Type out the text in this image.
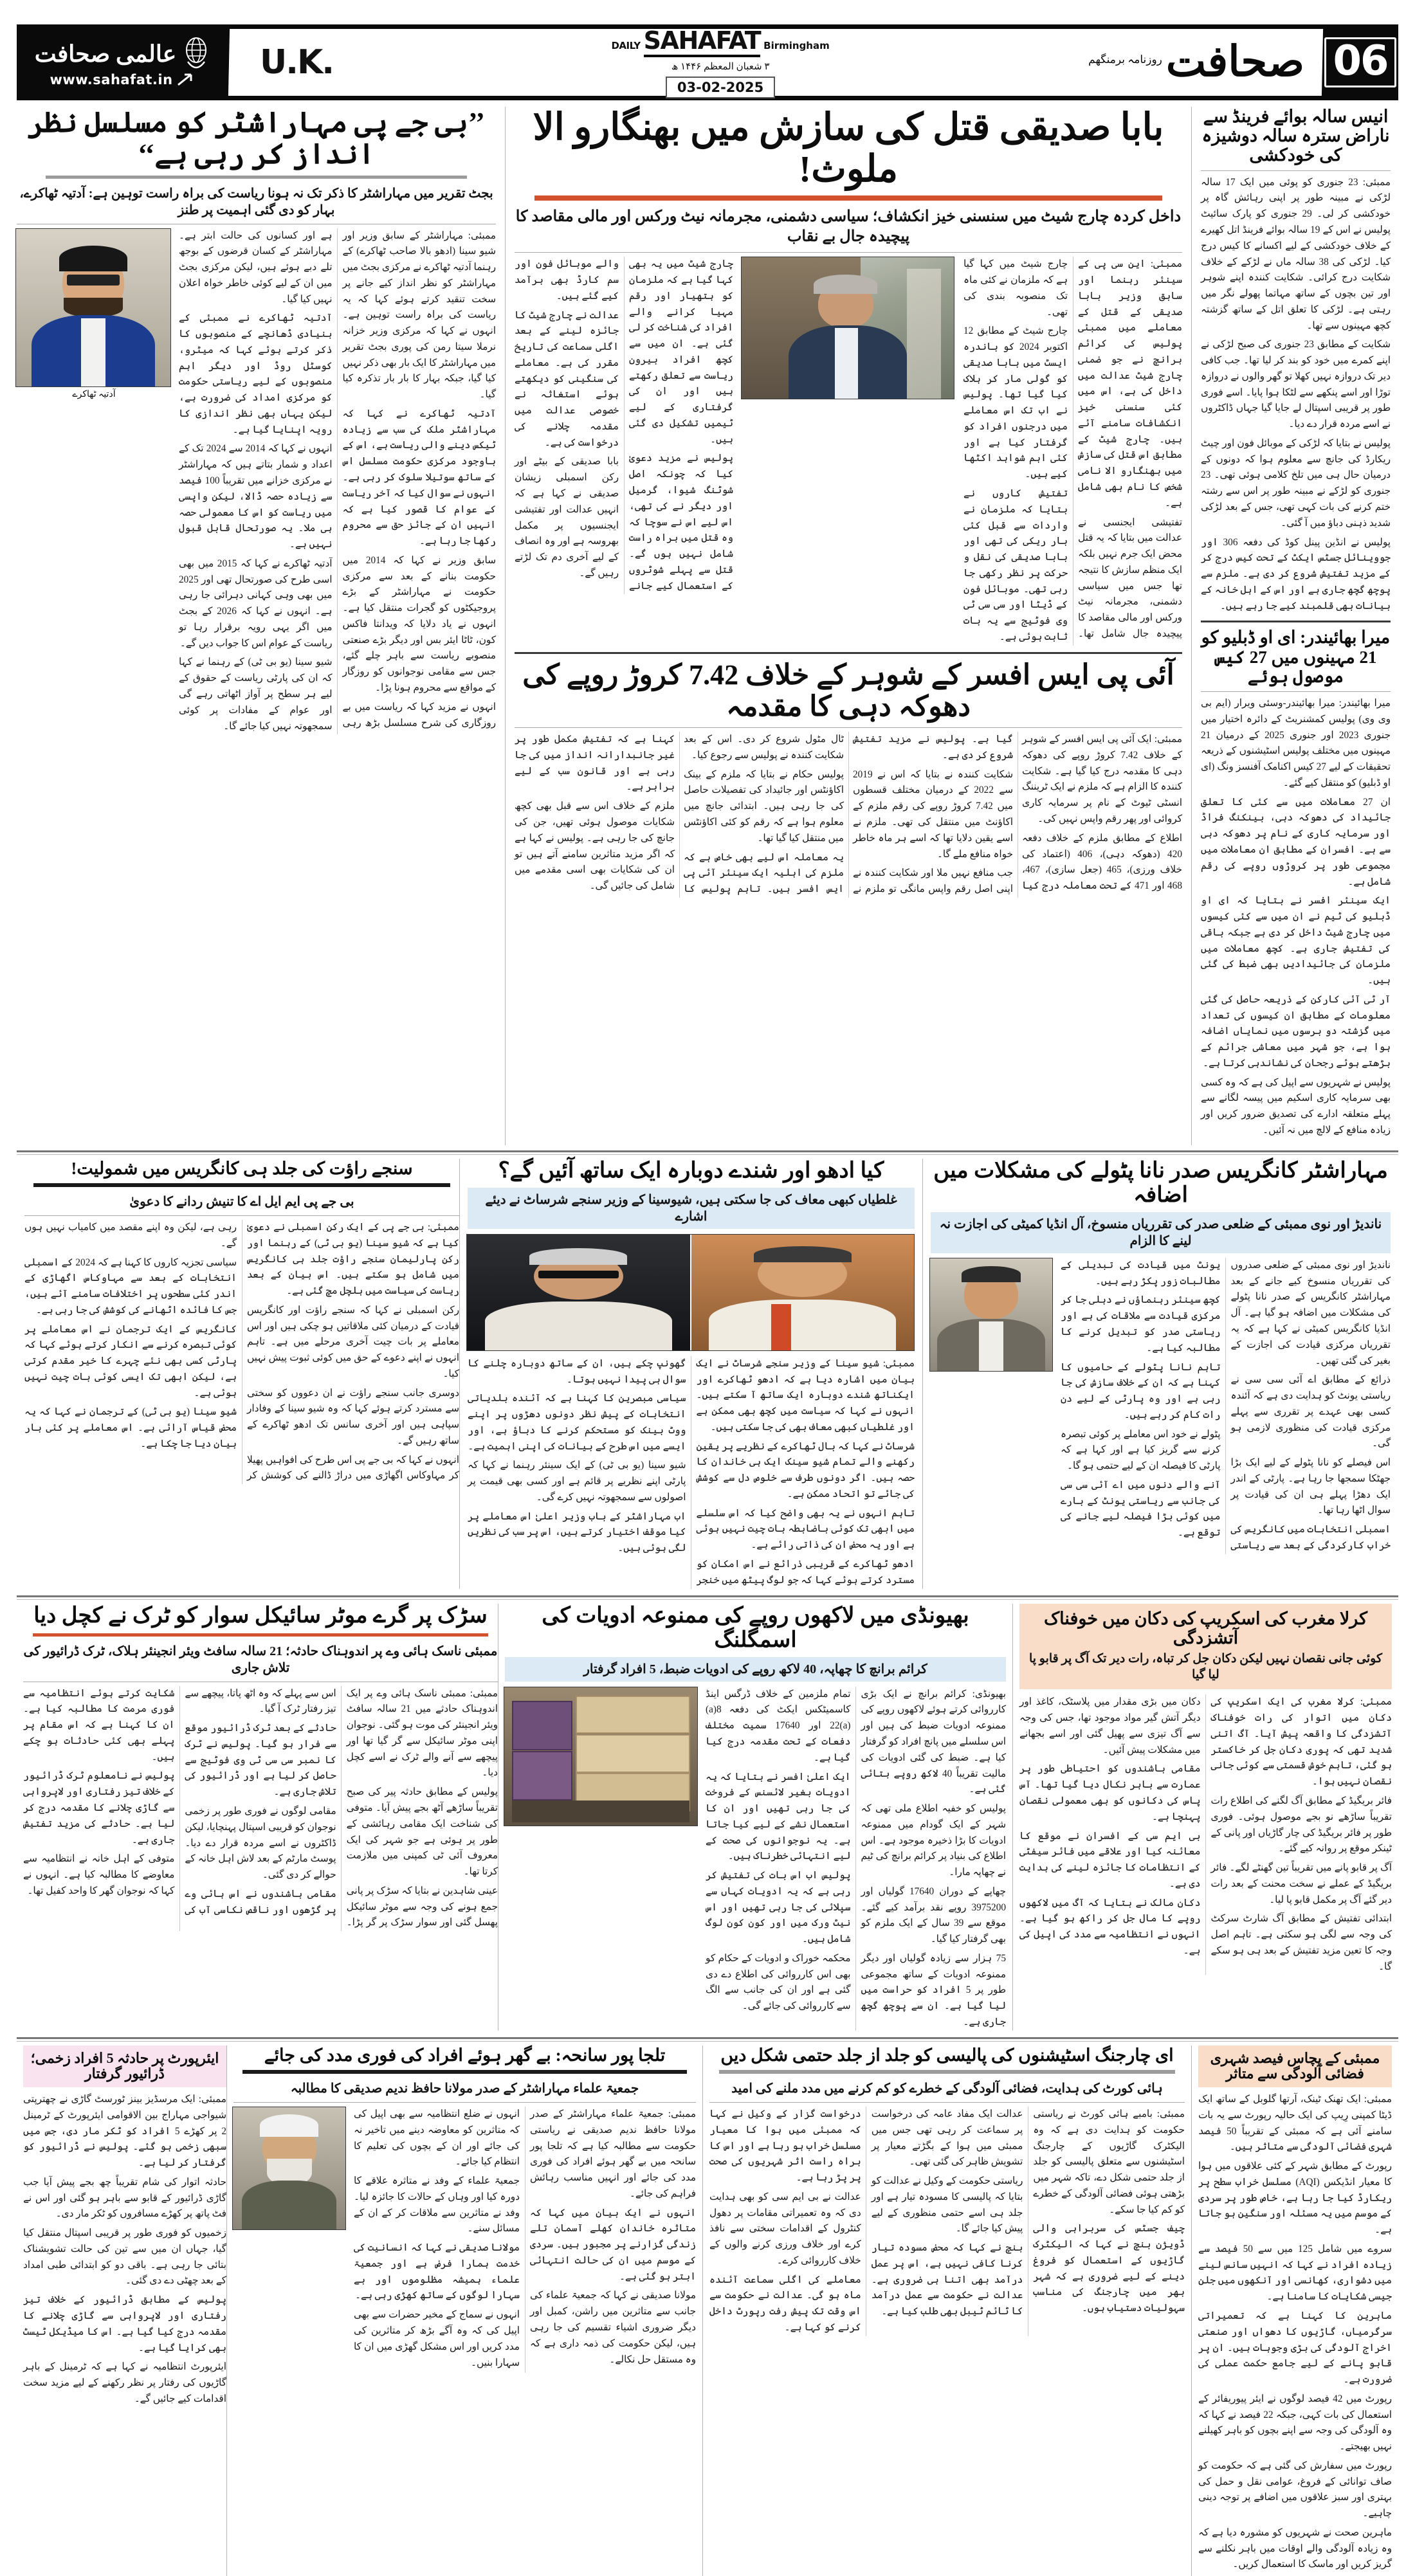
06
صحافت
روزنامہ برمنگھم
DAILY SAHAFAT Birmingham
۳ شعبان المعظم ۱۴۴۶ ھ
03-02-2025
U.K.
عالمی صحافت
www.sahafat.in
انیس سالہ بوائے فرینڈ سے ناراض سترہ سالہ دوشیزہ کی خودکشی

ممبئی: 23 جنوری کو پوئی میں ایک 17 سالہ لڑکی نے مبینہ طور پر اپنی رہائش گاہ پر خودکشی کر لی۔ 29 جنوری کو پارک سائیٹ پولیس نے اس کے 19 سالہ بوائے فرینڈ اتل کھیرے کے خلاف خودکشی کے لیے اکسانے کا کیس درج کیا۔ لڑکی کی 38 سالہ ماں نے لڑکے کے خلاف شکایت درج کرائی۔ شکایت کنندہ اپنے شوہر اور تین بچوں کے ساتھ مہاتما پھولے نگر میں رہتی ہے۔ لڑکی کا تعلق اتل کے ساتھ گزشتہ کچھ مہینوں سے تھا۔

شکایت کے مطابق 23 جنوری کی صبح لڑکی نے اپنے کمرے میں خود کو بند کر لیا تھا۔ جب کافی دیر تک دروازہ نہیں کھلا تو گھر والوں نے دروازہ توڑا اور اسے پنکھے سے لٹکا ہوا پایا۔ اسے فوری طور پر قریبی اسپتال لے جایا گیا جہاں ڈاکٹروں نے اسے مردہ قرار دے دیا۔

پولیس نے بتایا کہ لڑکی کے موبائل فون اور چیٹ ریکارڈ کی جانچ سے معلوم ہوا کہ دونوں کے درمیان حال ہی میں تلخ کلامی ہوئی تھی۔ 23 جنوری کو لڑکے نے مبینہ طور پر اس سے رشتہ ختم کرنے کی بات کہی تھی، جس کے بعد لڑکی شدید ذہنی دباؤ میں آ گئی۔

پولیس نے انڈین پینل کوڈ کی دفعہ 306 اور جووینائل جسٹس ایکٹ کے تحت کیس درج کر کے مزید تفتیش شروع کر دی ہے۔ ملزم سے پوچھ گچھ جاری ہے اور اس کے اہل خانہ کے بیانات بھی قلمبند کیے جا رہے ہیں۔

میرا بھائیندر: ای او ڈبلیو کو 21 مہینوں میں 27 کیس موصول ہوئے

میرا بھائیندر: میرا بھائیندر-وسئی ویرار (ایم بی وی وی) پولیس کمشنریٹ کے دائرہ اختیار میں جنوری 2023 اور جنوری 2025 کے درمیان 21 مہینوں میں مختلف پولیس اسٹیشنوں کے ذریعہ تحقیقات کے لیے 27 کیس اکنامک آفنسز ونگ (ای او ڈبلیو) کو منتقل کیے گئے۔

ان 27 معاملات میں سے کئی کا تعلق جائیداد کی دھوکہ دہی، بینکنگ فراڈ اور سرمایہ کاری کے نام پر دھوکہ دہی سے ہے۔ افسران کے مطابق ان معاملات میں مجموعی طور پر کروڑوں روپے کی رقم شامل ہے۔

ایک سینئر افسر نے بتایا کہ ای او ڈبلیو کی ٹیم نے ان میں سے کئی کیسوں میں چارج شیٹ داخل کر دی ہے جبکہ باقی کی تفتیش جاری ہے۔ کچھ معاملات میں ملزمان کی جائیدادیں بھی ضبط کی گئی ہیں۔

آر ٹی آئی کارکن کے ذریعہ حاصل کی گئی معلومات کے مطابق ان کیسوں کی تعداد میں گزشتہ دو برسوں میں نمایاں اضافہ ہوا ہے، جو شہر میں معاشی جرائم کے بڑھتے ہوئے رجحان کی نشاندہی کرتا ہے۔

پولیس نے شہریوں سے اپیل کی ہے کہ وہ کسی بھی سرمایہ کاری اسکیم میں پیسہ لگانے سے پہلے متعلقہ ادارے کی تصدیق ضرور کریں اور زیادہ منافع کے لالچ میں نہ آئیں۔

بابا صدیقی قتل کی سازش میں بھنگارو الا ملوث!
داخل کردہ چارج شیٹ میں سنسنی خیز انکشاف؛ سیاسی دشمنی، مجرمانہ نیٹ ورکس اور مالی مقاصد کا پیچیدہ جال بے نقاب

ممبئی: این سی پی کے سینئر رہنما اور سابق وزیر بابا صدیقی کے قتل کے معاملے میں ممبئی پولیس کی کرائم برانچ نے جو ضمنی چارج شیٹ عدالت میں داخل کی ہے، اس میں کئی سنسنی خیز انکشافات سامنے آئے ہیں۔ چارج شیٹ کے مطابق اس قتل کی سازش میں بھنگارو الا نامی شخص کا نام بھی شامل ہے۔

تفتیشی ایجنسی نے عدالت میں بتایا کہ یہ قتل محض ایک جرم نہیں بلکہ ایک منظم سازش کا نتیجہ تھا جس میں سیاسی دشمنی، مجرمانہ نیٹ ورکس اور مالی مقاصد کا پیچیدہ جال شامل تھا۔ چارج شیٹ میں کہا گیا ہے کہ ملزمان نے کئی ماہ تک منصوبہ بندی کی تھی۔

چارج شیٹ کے مطابق 12 اکتوبر 2024 کو باندرہ ایسٹ میں بابا صدیقی کو گولی مار کر ہلاک کیا گیا تھا۔ پولیس نے اب تک اس معاملے میں درجنوں افراد کو گرفتار کیا ہے اور کئی اہم شواہد اکٹھا کیے ہیں۔

تفتیش کاروں نے بتایا کہ ملزمان نے واردات سے قبل کئی بار ریکی کی تھی اور بابا صدیقی کی نقل و حرکت پر نظر رکھی جا رہی تھی۔ موبائل فون کے ڈیٹا اور سی سی ٹی وی فوٹیج سے یہ بات ثابت ہوئی ہے۔

چارج شیٹ میں یہ بھی کہا گیا ہے کہ ملزمان کو ہتھیار اور رقم مہیا کرانے والے افراد کی شناخت کر لی گئی ہے۔ ان میں سے کچھ افراد بیرون ریاست سے تعلق رکھتے ہیں اور ان کی گرفتاری کے لیے ٹیمیں تشکیل دی گئی ہیں۔

پولیس نے مزید دعویٰ کیا کہ چونکہ اصل شوٹنگ شیوا، گرمیل اور دیگر نے کی تھی، اس لیے اس نے سوچا کہ وہ قتل میں براہ راست شامل نہیں ہوں گے۔ قتل سے پہلے شوٹروں کے استعمال کیے جانے والے موبائل فون اور سم کارڈ بھی برآمد کیے گئے ہیں۔

عدالت نے چارج شیٹ کا جائزہ لینے کے بعد اگلی سماعت کی تاریخ مقرر کی ہے۔ معاملے کی سنگینی کو دیکھتے ہوئے استغاثہ نے خصوصی عدالت میں مقدمہ چلانے کی درخواست کی ہے۔

بابا صدیقی کے بیٹے اور رکن اسمبلی زیشان صدیقی نے کہا ہے کہ انہیں عدالت اور تفتیشی ایجنسیوں پر مکمل بھروسہ ہے اور وہ انصاف کے لیے آخری دم تک لڑتے رہیں گے۔

آئی پی ایس افسر کے شوہر کے خلاف 7.42 کروڑ روپے کی دھوکہ دہی کا مقدمہ

ممبئی: ایک آئی پی ایس افسر کے شوہر کے خلاف 7.42 کروڑ روپے کی دھوکہ دہی کا مقدمہ درج کیا گیا ہے۔ شکایت کنندہ کا الزام ہے کہ ملزم نے ایک ٹریننگ انسٹی ٹیوٹ کے نام پر سرمایہ کاری کروائی اور پھر رقم واپس نہیں کی۔

اطلاع کے مطابق ملزم کے خلاف دفعہ 420 (دھوکہ دہی)، 406 (اعتماد کی خلاف ورزی)، 465 (جعل سازی)، 467، 468 اور 471 کے تحت معاملہ درج کیا گیا ہے۔ پولیس نے مزید تفتیش شروع کر دی ہے۔

شکایت کنندہ نے بتایا کہ اس نے 2019 سے 2022 کے درمیان مختلف قسطوں میں 7.42 کروڑ روپے کی رقم ملزم کے اکاؤنٹ میں منتقل کی تھی۔ ملزم نے اسے یقین دلایا تھا کہ اسے ہر ماہ خاطر خواہ منافع ملے گا۔

جب منافع نہیں ملا اور شکایت کنندہ نے اپنی اصل رقم واپس مانگی تو ملزم نے ٹال مٹول شروع کر دی۔ اس کے بعد شکایت کنندہ نے پولیس سے رجوع کیا۔

پولیس حکام نے بتایا کہ ملزم کے بینک اکاؤنٹس اور جائیداد کی تفصیلات حاصل کی جا رہی ہیں۔ ابتدائی جانچ میں معلوم ہوا ہے کہ رقم کو کئی اکاؤنٹس میں منتقل کیا گیا تھا۔

یہ معاملہ اس لیے بھی خاص ہے کہ ملزم کی اہلیہ ایک سینئر آئی پی ایس افسر ہیں۔ تاہم پولیس کا کہنا ہے کہ تفتیش مکمل طور پر غیر جانبدارانہ انداز میں کی جا رہی ہے اور قانون سب کے لیے برابر ہے۔

ملزم کے خلاف اس سے قبل بھی کچھ شکایات موصول ہوئی تھیں، جن کی جانچ کی جا رہی ہے۔ پولیس نے کہا ہے کہ اگر مزید متاثرین سامنے آتے ہیں تو ان کی شکایات بھی اسی مقدمے میں شامل کی جائیں گی۔

’’بی جے پی مہاراشٹر کو مسلسل نظر انداز کر رہی ہے‘‘
بجٹ تقریر میں مہاراشٹر کا ذکر تک نہ ہونا ریاست کی براہ راست توہین ہے: آدتیہ ٹھاکرے، بہار کو دی گئی اہمیت پر طنز

ممبئی: مہاراشٹر کے سابق وزیر اور شیو سینا (ادھو بالا صاحب ٹھاکرے) کے رہنما آدتیہ ٹھاکرے نے مرکزی بجٹ میں مہاراشٹر کو نظر انداز کیے جانے پر سخت تنقید کرتے ہوئے کہا کہ یہ ریاست کی براہ راست توہین ہے۔ انہوں نے کہا کہ مرکزی وزیر خزانہ نرملا سیتا رمن کی پوری بجٹ تقریر میں مہاراشٹر کا ایک بار بھی ذکر نہیں کیا گیا، جبکہ بہار کا بار بار تذکرہ کیا گیا۔

آدتیہ ٹھاکرے نے کہا کہ مہاراشٹر ملک کی سب سے زیادہ ٹیکس دینے والی ریاست ہے، اس کے باوجود مرکزی حکومت مسلسل اس کے ساتھ سوتیلا سلوک کر رہی ہے۔ انہوں نے سوال کیا کہ آخر ریاست کے عوام کا قصور کیا ہے کہ انہیں ان کے جائز حق سے محروم رکھا جا رہا ہے۔

سابق وزیر نے کہا کہ 2014 میں حکومت بنانے کے بعد سے مرکزی حکومت نے مہاراشٹر کے بڑے پروجیکٹوں کو گجرات منتقل کیا ہے۔ انہوں نے یاد دلایا کہ ویدانتا فاکس کون، ٹاٹا ایئر بس اور دیگر بڑے صنعتی منصوبے ریاست سے باہر چلے گئے، جس سے مقامی نوجوانوں کو روزگار کے مواقع سے محروم ہونا پڑا۔

انہوں نے مزید کہا کہ ریاست میں بے روزگاری کی شرح مسلسل بڑھ رہی ہے اور کسانوں کی حالت ابتر ہے۔ مہاراشٹر کے کسان قرضوں کے بوجھ تلے دبے ہوئے ہیں، لیکن مرکزی بجٹ میں ان کے لیے کوئی خاطر خواہ اعلان نہیں کیا گیا۔

آدتیہ ٹھاکرے نے ممبئی کے بنیادی ڈھانچے کے منصوبوں کا ذکر کرتے ہوئے کہا کہ میٹرو، کوسٹل روڈ اور دیگر اہم منصوبوں کے لیے ریاستی حکومت کو مرکزی امداد کی ضرورت ہے، لیکن یہاں بھی نظر اندازی کا رویہ اپنایا گیا ہے۔

انہوں نے کہا کہ 2014 سے 2024 تک کے اعداد و شمار بتاتے ہیں کہ مہاراشٹر نے مرکزی خزانے میں تقریباً 100 فیصد سے زیادہ حصہ ڈالا، لیکن واپسی میں ریاست کو اس کا معمولی حصہ ہی ملا۔ یہ صورتحال قابل قبول نہیں ہے۔

آدتیہ ٹھاکرے نے کہا کہ 2015 میں بھی اسی طرح کی صورتحال تھی اور 2025 میں بھی وہی کہانی دہرائی جا رہی ہے۔ انہوں نے کہا کہ 2026 کے بجٹ میں اگر یہی رویہ برقرار رہا تو ریاست کے عوام اس کا جواب دیں گے۔

شیو سینا (یو بی ٹی) کے رہنما نے کہا کہ ان کی پارٹی ریاست کے حقوق کے لیے ہر سطح پر آواز اٹھاتی رہے گی اور عوام کے مفادات پر کوئی سمجھوتہ نہیں کیا جائے گا۔

آدتیہ ٹھاکرے
مہاراشٹر کانگریس صدر نانا پٹولے کی مشکلات میں اضافہ
ناندیڑ اور نوی ممبئی کے ضلعی صدر کی تقرریاں منسوخ، آل انڈیا کمیٹی کی اجازت نہ لینے کا الزام

ناندیڑ اور نوی ممبئی کے ضلعی صدروں کی تقرریاں منسوخ کیے جانے کے بعد مہاراشٹر کانگریس کے صدر نانا پٹولے کی مشکلات میں اضافہ ہو گیا ہے۔ آل انڈیا کانگریس کمیٹی نے کہا ہے کہ یہ تقرریاں مرکزی قیادت کی اجازت کے بغیر کی گئی تھیں۔

ذرائع کے مطابق اے آئی سی سی نے ریاستی یونٹ کو ہدایت دی ہے کہ آئندہ کسی بھی عہدے پر تقرری سے پہلے مرکزی قیادت کی منظوری لازمی ہو گی۔

اس فیصلے کو نانا پٹولے کے لیے ایک بڑا جھٹکا سمجھا جا رہا ہے۔ پارٹی کے اندر ایک دھڑا پہلے ہی ان کی قیادت پر سوال اٹھا رہا تھا۔

اسمبلی انتخابات میں کانگریس کی خراب کارکردگی کے بعد سے ریاستی یونٹ میں قیادت کی تبدیلی کے مطالبات زور پکڑ رہے ہیں۔

کچھ سینئر رہنماؤں نے دہلی جا کر مرکزی قیادت سے ملاقات کی ہے اور ریاستی صدر کو تبدیل کرنے کا مطالبہ کیا ہے۔

تاہم نانا پٹولے کے حامیوں کا کہنا ہے کہ ان کے خلاف سازش کی جا رہی ہے اور وہ پارٹی کے لیے دن رات کام کر رہے ہیں۔

پٹولے نے خود اس معاملے پر کوئی تبصرہ کرنے سے گریز کیا ہے اور کہا ہے کہ پارٹی کا فیصلہ ان کے لیے حتمی ہو گا۔

آنے والے دنوں میں اے آئی سی سی کی جانب سے ریاستی یونٹ کے بارے میں کوئی بڑا فیصلہ لیے جانے کی توقع ہے۔

کیا ادھو اور شندے دوبارہ ایک ساتھ آئیں گے؟
غلطیاں کبھی معاف کی جا سکتی ہیں، شیوسینا کے وزیر سنجے شرساٹ نے دیئے اشارے

ممبئی: شیو سینا کے وزیر سنجے شرساٹ نے ایک بیان میں اشارہ دیا ہے کہ ادھو ٹھاکرے اور ایکناتھ شندے دوبارہ ایک ساتھ آ سکتے ہیں۔ انہوں نے کہا کہ سیاست میں کچھ بھی ممکن ہے اور غلطیاں کبھی معاف بھی کی جا سکتی ہیں۔

شرساٹ نے کہا کہ بال ٹھاکرے کے نظریے پر یقین رکھنے والے تمام شیو سینک ایک ہی خاندان کا حصہ ہیں۔ اگر دونوں طرف سے خلوص دل سے کوشش کی جائے تو اتحاد ممکن ہے۔

تاہم انہوں نے یہ بھی واضح کیا کہ اس سلسلے میں ابھی تک کوئی باضابطہ بات چیت نہیں ہوئی ہے اور یہ محض ان کی ذاتی رائے ہے۔

ادھو ٹھاکرے کے قریبی ذرائع نے اس امکان کو مسترد کرتے ہوئے کہا کہ جو لوگ پیٹھ میں خنجر گھونپ چکے ہیں، ان کے ساتھ دوبارہ چلنے کا سوال ہی پیدا نہیں ہوتا۔

سیاسی مبصرین کا کہنا ہے کہ آئندہ بلدیاتی انتخابات کے پیش نظر دونوں دھڑوں پر اپنے ووٹ بینک کو مستحکم کرنے کا دباؤ ہے، اور ایسے میں اس طرح کے بیانات کی اپنی اہمیت ہے۔

شیو سینا (یو بی ٹی) کے ایک سینئر رہنما نے کہا کہ پارٹی اپنے نظریے پر قائم ہے اور کسی بھی قیمت پر اصولوں سے سمجھوتہ نہیں کرے گی۔

اب مہاراشٹر کے باب وزیر اعلیٰ اس معاملے پر کیا موقف اختیار کرتے ہیں، اس پر سب کی نظریں لگی ہوئی ہیں۔

سنجے راؤت کی جلد ہی کانگریس میں شمولیت!
بی جے پی ایم ایل اے کا تنیش ردانے کا دعویٰ

ممبئی: بی جے پی کے ایک رکن اسمبلی نے دعویٰ کیا ہے کہ شیو سینا (یو بی ٹی) کے رہنما اور رکن پارلیمان سنجے راؤت جلد ہی کانگریس میں شامل ہو سکتے ہیں۔ اس بیان کے بعد ریاست کی سیاست میں ہلچل مچ گئی ہے۔

رکن اسمبلی نے کہا کہ سنجے راؤت اور کانگریس قیادت کے درمیان کئی ملاقاتیں ہو چکی ہیں اور اس معاملے پر بات چیت آخری مرحلے میں ہے۔ تاہم انہوں نے اپنے دعوے کے حق میں کوئی ثبوت پیش نہیں کیا۔

دوسری جانب سنجے راؤت نے ان دعووں کو سختی سے مسترد کرتے ہوئے کہا کہ وہ شیو سینا کے وفادار سپاہی ہیں اور آخری سانس تک ادھو ٹھاکرے کے ساتھ رہیں گے۔

انہوں نے کہا کہ بی جے پی اس طرح کی افواہیں پھیلا کر مہاوکاس اگھاڑی میں دراڑ ڈالنے کی کوشش کر رہی ہے، لیکن وہ اپنے مقصد میں کامیاب نہیں ہوں گے۔

سیاسی تجزیہ کاروں کا کہنا ہے کہ 2024 کے اسمبلی انتخابات کے بعد سے مہاوکاس اگھاڑی کے اندر کئی سطحوں پر اختلافات سامنے آئے ہیں، جس کا فائدہ اٹھانے کی کوشش کی جا رہی ہے۔

کانگریس کے ایک ترجمان نے اس معاملے پر کوئی تبصرہ کرنے سے انکار کرتے ہوئے کہا کہ پارٹی کسی بھی نئے چہرے کا خیر مقدم کرتی ہے، لیکن ابھی تک ایسی کوئی بات چیت نہیں ہوئی ہے۔

شیو سینا (یو بی ٹی) کے ترجمان نے کہا کہ یہ محض قیاس آرائی ہے۔ اس معاملے پر کئی بار بیان دیا جا چکا ہے۔

کرلا مغرب کی اسکریپ کی دکان میں خوفناک آتشزدگی
کوئی جانی نقصان نہیں لیکن دکان جل کر تباہ، رات دیر تک آگ پر قابو پا لیا گیا

ممبئی: کرلا مغرب کی ایک اسکریپ کی دکان میں اتوار کی رات خوفناک آتشزدگی کا واقعہ پیش آیا۔ آگ اتنی شدید تھی کہ پوری دکان جل کر خاکستر ہو گئی، تاہم خوش قسمتی سے کوئی جانی نقصان نہیں ہوا۔

فائر بریگیڈ کے مطابق آگ لگنے کی اطلاع رات تقریباً ساڑھے نو بجے موصول ہوئی۔ فوری طور پر فائر بریگیڈ کی چار گاڑیاں اور پانی کے ٹینکر موقع پر روانہ کیے گئے۔

آگ پر قابو پانے میں تقریباً تین گھنٹے لگے۔ فائر بریگیڈ کے عملے نے سخت محنت کے بعد رات دیر گئے آگ پر مکمل قابو پا لیا۔

ابتدائی تفتیش کے مطابق آگ شارٹ سرکٹ کی وجہ سے لگی ہو سکتی ہے۔ تاہم اصل وجہ کا تعین مزید تفتیش کے بعد ہی ہو سکے گا۔

دکان میں بڑی مقدار میں پلاسٹک، کاغذ اور دیگر آتش گیر مواد موجود تھا، جس کی وجہ سے آگ تیزی سے پھیل گئی اور اسے بجھانے میں مشکلات پیش آئیں۔

مقامی باشندوں کو احتیاطی طور پر عمارت سے باہر نکال دیا گیا تھا۔ آس پاس کی دکانوں کو بھی معمولی نقصان پہنچا ہے۔

بی ایم سی کے افسران نے موقع کا معائنہ کیا اور علاقے میں فائر سیفٹی کے انتظامات کا جائزہ لینے کی ہدایت دی ہے۔

دکان مالک نے بتایا کہ آگ میں لاکھوں روپے کا مال جل کر راکھ ہو گیا ہے۔ انہوں نے انتظامیہ سے مدد کی اپیل کی ہے۔

بھیونڈی میں لاکھوں روپے کی ممنوعہ ادویات کی اسمگلنگ
کرائم برانچ کا چھاپہ، 40 لاکھ روپے کی ادویات ضبط، 5 افراد گرفتار

بھیونڈی: کرائم برانچ نے ایک بڑی کارروائی کرتے ہوئے لاکھوں روپے کی ممنوعہ ادویات ضبط کی ہیں اور اس سلسلے میں پانچ افراد کو گرفتار کیا ہے۔ ضبط کی گئی ادویات کی مالیت تقریباً 40 لاکھ روپے بتائی گئی ہے۔

پولیس کو خفیہ اطلاع ملی تھی کہ شہر کے ایک گودام میں ممنوعہ ادویات کا بڑا ذخیرہ موجود ہے۔ اس اطلاع کی بنیاد پر کرائم برانچ کی ٹیم نے چھاپہ مارا۔

چھاپے کے دوران 17640 گولیاں اور 3975200 روپے نقد برآمد کیے گئے۔ موقع سے 39 سال کے ایک ملزم کو بھی گرفتار کیا گیا۔

75 ہزار سے زیادہ گولیاں اور دیگر ممنوعہ ادویات کے ساتھ مجموعی طور پر 5 افراد کو حراست میں لیا گیا ہے۔ ان سے پوچھ گچھ جاری ہے۔

تمام ملزمین کے خلاف ڈرگس اینڈ کاسمیٹکس ایکٹ کی دفعہ 8(a) 22(a) اور 17640 سمیت مختلف دفعات کے تحت مقدمہ درج کیا گیا ہے۔

ایک اعلیٰ افسر نے بتایا کہ یہ ادویات بغیر لائسنس کے فروخت کی جا رہی تھیں اور ان کا استعمال نشے کے لیے کیا جاتا ہے۔ یہ نوجوانوں کی صحت کے لیے انتہائی خطرناک ہیں۔

پولیس اب اس بات کی تفتیش کر رہی ہے کہ یہ ادویات کہاں سے سپلائی کی جا رہی تھیں اور اس نیٹ ورک میں اور کون کون لوگ شامل ہیں۔

محکمہ خوراک و ادویات کے حکام کو بھی اس کارروائی کی اطلاع دے دی گئی ہے اور ان کی جانب سے الگ سے کارروائی کی جائے گی۔

سڑک پر گرے موٹر سائیکل سوار کو ٹرک نے کچل دیا
ممبئی ناسک ہائی وے پر اندوہناک حادثہ؛ 21 سالہ سافٹ ویئر انجینئر ہلاک، ٹرک ڈرائیور کی تلاش جاری

ممبئی: ممبئی ناسک ہائی وے پر ایک اندوہناک حادثے میں 21 سالہ سافٹ ویئر انجینئر کی موت ہو گئی۔ نوجوان اپنی موٹر سائیکل سے گر گیا تھا اور پیچھے سے آنے والے ٹرک نے اسے کچل دیا۔

پولیس کے مطابق حادثہ پیر کی صبح تقریباً ساڑھے آٹھ بجے پیش آیا۔ متوفی کی شناخت ایک مقامی رہائشی کے طور پر ہوئی ہے جو شہر کی ایک معروف آئی ٹی کمپنی میں ملازمت کرتا تھا۔

عینی شاہدین نے بتایا کہ سڑک پر پانی جمع ہونے کی وجہ سے موٹر سائیکل پھسل گئی اور سوار سڑک پر گر پڑا۔ اس سے پہلے کہ وہ اٹھ پاتا، پیچھے سے تیز رفتار ٹرک آ گیا۔

حادثے کے بعد ٹرک ڈرائیور موقع سے فرار ہو گیا۔ پولیس نے ٹرک کا نمبر سی سی ٹی وی فوٹیج سے حاصل کر لیا ہے اور ڈرائیور کی تلاش جاری ہے۔

مقامی لوگوں نے فوری طور پر زخمی نوجوان کو قریبی اسپتال پہنچایا، لیکن ڈاکٹروں نے اسے مردہ قرار دے دیا۔ پوسٹ مارٹم کے بعد لاش اہل خانہ کے حوالے کر دی گئی۔

مقامی باشندوں نے اس ہائی وے پر گڑھوں اور ناقص نکاسی آب کی شکایت کرتے ہوئے انتظامیہ سے فوری مرمت کا مطالبہ کیا ہے۔ ان کا کہنا ہے کہ اس مقام پر پہلے بھی کئی حادثات ہو چکے ہیں۔

پولیس نے نامعلوم ٹرک ڈرائیور کے خلاف تیز رفتاری اور لاپرواہی سے گاڑی چلانے کا مقدمہ درج کر لیا ہے۔ حادثے کی مزید تفتیش جاری ہے۔

متوفی کے اہل خانہ نے انتظامیہ سے معاوضے کا مطالبہ کیا ہے۔ انہوں نے کہا کہ نوجوان گھر کا واحد کفیل تھا۔

ممبئی کے پچاس فیصد شہری فضائی آلودگی سے متاثر

ممبئی: ایک تھنک ٹینک، آرتھا گلوبل کے ساتھ ایک ڈیٹا کمپنی رِیپ کی ایک حالیہ رپورٹ سے یہ بات سامنے آئی ہے کہ ممبئی کے تقریباً 50 فیصد شہری فضائی آلودگی سے متاثر ہیں۔

رپورٹ کے مطابق شہر کے کئی علاقوں میں ہوا کا معیار انڈیکس (AQI) مسلسل خراب سطح پر ریکارڈ کیا جا رہا ہے، خاص طور پر سردی کے موسم میں یہ مسئلہ اور سنگین ہو جاتا ہے۔

سروے میں شامل 125 میں سے 50 فیصد سے زیادہ افراد نے کہا کہ انہیں سانس لینے میں دشواری، کھانسی اور آنکھوں میں جلن جیسی شکایات کا سامنا ہے۔

ماہرین کا کہنا ہے کہ تعمیراتی سرگرمیاں، گاڑیوں کا دھواں اور صنعتی اخراج آلودگی کی بڑی وجوہات ہیں۔ ان پر قابو پانے کے لیے جامع حکمت عملی کی ضرورت ہے۔

رپورٹ میں 42 فیصد لوگوں نے ایئر پیوریفائر کے استعمال کی بات کہی، جبکہ 22 فیصد نے کہا کہ وہ آلودگی کی وجہ سے اپنے بچوں کو باہر کھیلنے نہیں بھیجتے۔

رپورٹ میں سفارش کی گئی ہے کہ حکومت کو صاف توانائی کے فروغ، عوامی نقل و حمل کی بہتری اور سبز علاقوں میں اضافے پر توجہ دینی چاہیے۔

ماہرین صحت نے شہریوں کو مشورہ دیا ہے کہ وہ زیادہ آلودگی والے اوقات میں باہر نکلنے سے گریز کریں اور ماسک کا استعمال کریں۔

ای چارجنگ اسٹیشنوں کی پالیسی کو جلد از جلد حتمی شکل دیں
ہائی کورٹ کی ہدایت، فضائی آلودگی کے خطرے کو کم کرنے میں مدد ملنے کی امید

ممبئی: بامبے ہائی کورٹ نے ریاستی حکومت کو ہدایت دی ہے کہ وہ الیکٹرک گاڑیوں کے چارجنگ اسٹیشنوں سے متعلق پالیسی کو جلد از جلد حتمی شکل دے، تاکہ شہر میں بڑھتی ہوئی فضائی آلودگی کے خطرے کو کم کیا جا سکے۔

چیف جسٹس کی سربراہی والی ڈویژن بنچ نے کہا کہ الیکٹرک گاڑیوں کے استعمال کو فروغ دینے کے لیے ضروری ہے کہ شہر بھر میں چارجنگ کی مناسب سہولیات دستیاب ہوں۔

عدالت ایک مفاد عامہ کی درخواست پر سماعت کر رہی تھی جس میں ممبئی میں ہوا کے بگڑتے معیار پر تشویش ظاہر کی گئی تھی۔

ریاستی حکومت کے وکیل نے عدالت کو بتایا کہ پالیسی کا مسودہ تیار ہے اور جلد ہی اسے حتمی منظوری کے لیے پیش کیا جائے گا۔

بنچ نے کہا کہ محض مسودہ تیار کرنا کافی نہیں ہے، اس پر عمل درآمد بھی اتنا ہی ضروری ہے۔ عدالت نے حکومت سے عمل درآمد کا ٹائم ٹیبل بھی طلب کیا ہے۔

درخواست گزار کے وکیل نے کہا کہ ممبئی میں ہوا کا معیار مسلسل خراب ہو رہا ہے اور اس کا براہ راست اثر شہریوں کی صحت پر پڑ رہا ہے۔

عدالت نے بی ایم سی کو بھی ہدایت دی کہ وہ تعمیراتی مقامات پر دھول کنٹرول کے اقدامات سختی سے نافذ کرے اور خلاف ورزی کرنے والوں کے خلاف کارروائی کرے۔

معاملے کی اگلی سماعت آئندہ ماہ ہو گی۔ عدالت نے حکومت سے اس وقت تک پیش رفت رپورٹ داخل کرنے کو کہا ہے۔

تلجا پور سانحہ: بے گھر ہوئے افراد کی فوری مدد کی جائے
جمعیۃ علماء مہاراشٹر کے صدر مولانا حافظ ندیم صدیقی کا مطالبہ

ممبئی: جمعیۃ علماء مہاراشٹر کے صدر مولانا حافظ ندیم صدیقی نے ریاستی حکومت سے مطالبہ کیا ہے کہ تلجا پور سانحہ میں بے گھر ہوئے افراد کی فوری مدد کی جائے اور انہیں مناسب رہائش فراہم کی جائے۔

انہوں نے ایک بیان میں کہا کہ متاثرہ خاندان کھلے آسمان تلے زندگی گزارنے پر مجبور ہیں۔ سردی کے موسم میں ان کی حالت انتہائی ابتر ہو گئی ہے۔

مولانا صدیقی نے کہا کہ جمعیۃ علماء کی جانب سے متاثرین میں راشن، کمبل اور دیگر ضروری اشیاء تقسیم کی جا رہی ہیں، لیکن حکومت کی ذمہ داری ہے کہ وہ مستقل حل نکالے۔

انہوں نے ضلع انتظامیہ سے بھی اپیل کی کہ متاثرین کو معاوضہ دینے میں تاخیر نہ کی جائے اور ان کے بچوں کی تعلیم کا انتظام کیا جائے۔

جمعیۃ علماء کے وفد نے متاثرہ علاقے کا دورہ کیا اور وہاں کے حالات کا جائزہ لیا۔ وفد نے متاثرین سے ملاقات کر کے ان کے مسائل سنے۔

مولانا صدیقی نے کہا کہ انسانیت کی خدمت ہمارا فرض ہے اور جمعیۃ علماء ہمیشہ مظلوموں اور بے سہارا لوگوں کے ساتھ کھڑی رہی ہے۔

انہوں نے سماج کے مخیر حضرات سے بھی اپیل کی کہ وہ آگے بڑھ کر متاثرین کی مدد کریں اور اس مشکل گھڑی میں ان کا سہارا بنیں۔

ایئرپورٹ پر حادثہ 5 افراد زخمی؛ ڈرائیور گرفتار

ممبئی: ایک مرسڈیز بینز ٹورسٹ گاڑی نے چھترپتی شیواجی مہاراج بین الاقوامی ایئرپورٹ کے ٹرمینل 2 پر کھڑے 5 افراد کو ٹکر مار دی، جس میں سبھی زخمی ہو گئے۔ پولیس نے ڈرائیور کو گرفتار کر لیا ہے۔

حادثہ اتوار کی شام تقریباً چھ بجے پیش آیا جب گاڑی ڈرائیور کے قابو سے باہر ہو گئی اور اس نے فٹ پاتھ پر کھڑے مسافروں کو ٹکر مار دی۔

زخمیوں کو فوری طور پر قریبی اسپتال منتقل کیا گیا، جہاں ان میں سے تین کی حالت تشویشناک بتائی جا رہی ہے۔ باقی دو کو ابتدائی طبی امداد کے بعد چھٹی دے دی گئی۔

پولیس کے مطابق ڈرائیور کے خلاف تیز رفتاری اور لاپرواہی سے گاڑی چلانے کا مقدمہ درج کیا گیا ہے۔ اس کا میڈیکل ٹیسٹ بھی کرایا گیا ہے۔

ایئرپورٹ انتظامیہ نے کہا ہے کہ ٹرمینل کے باہر گاڑیوں کی رفتار پر نظر رکھنے کے لیے مزید سخت اقدامات کیے جائیں گے۔
